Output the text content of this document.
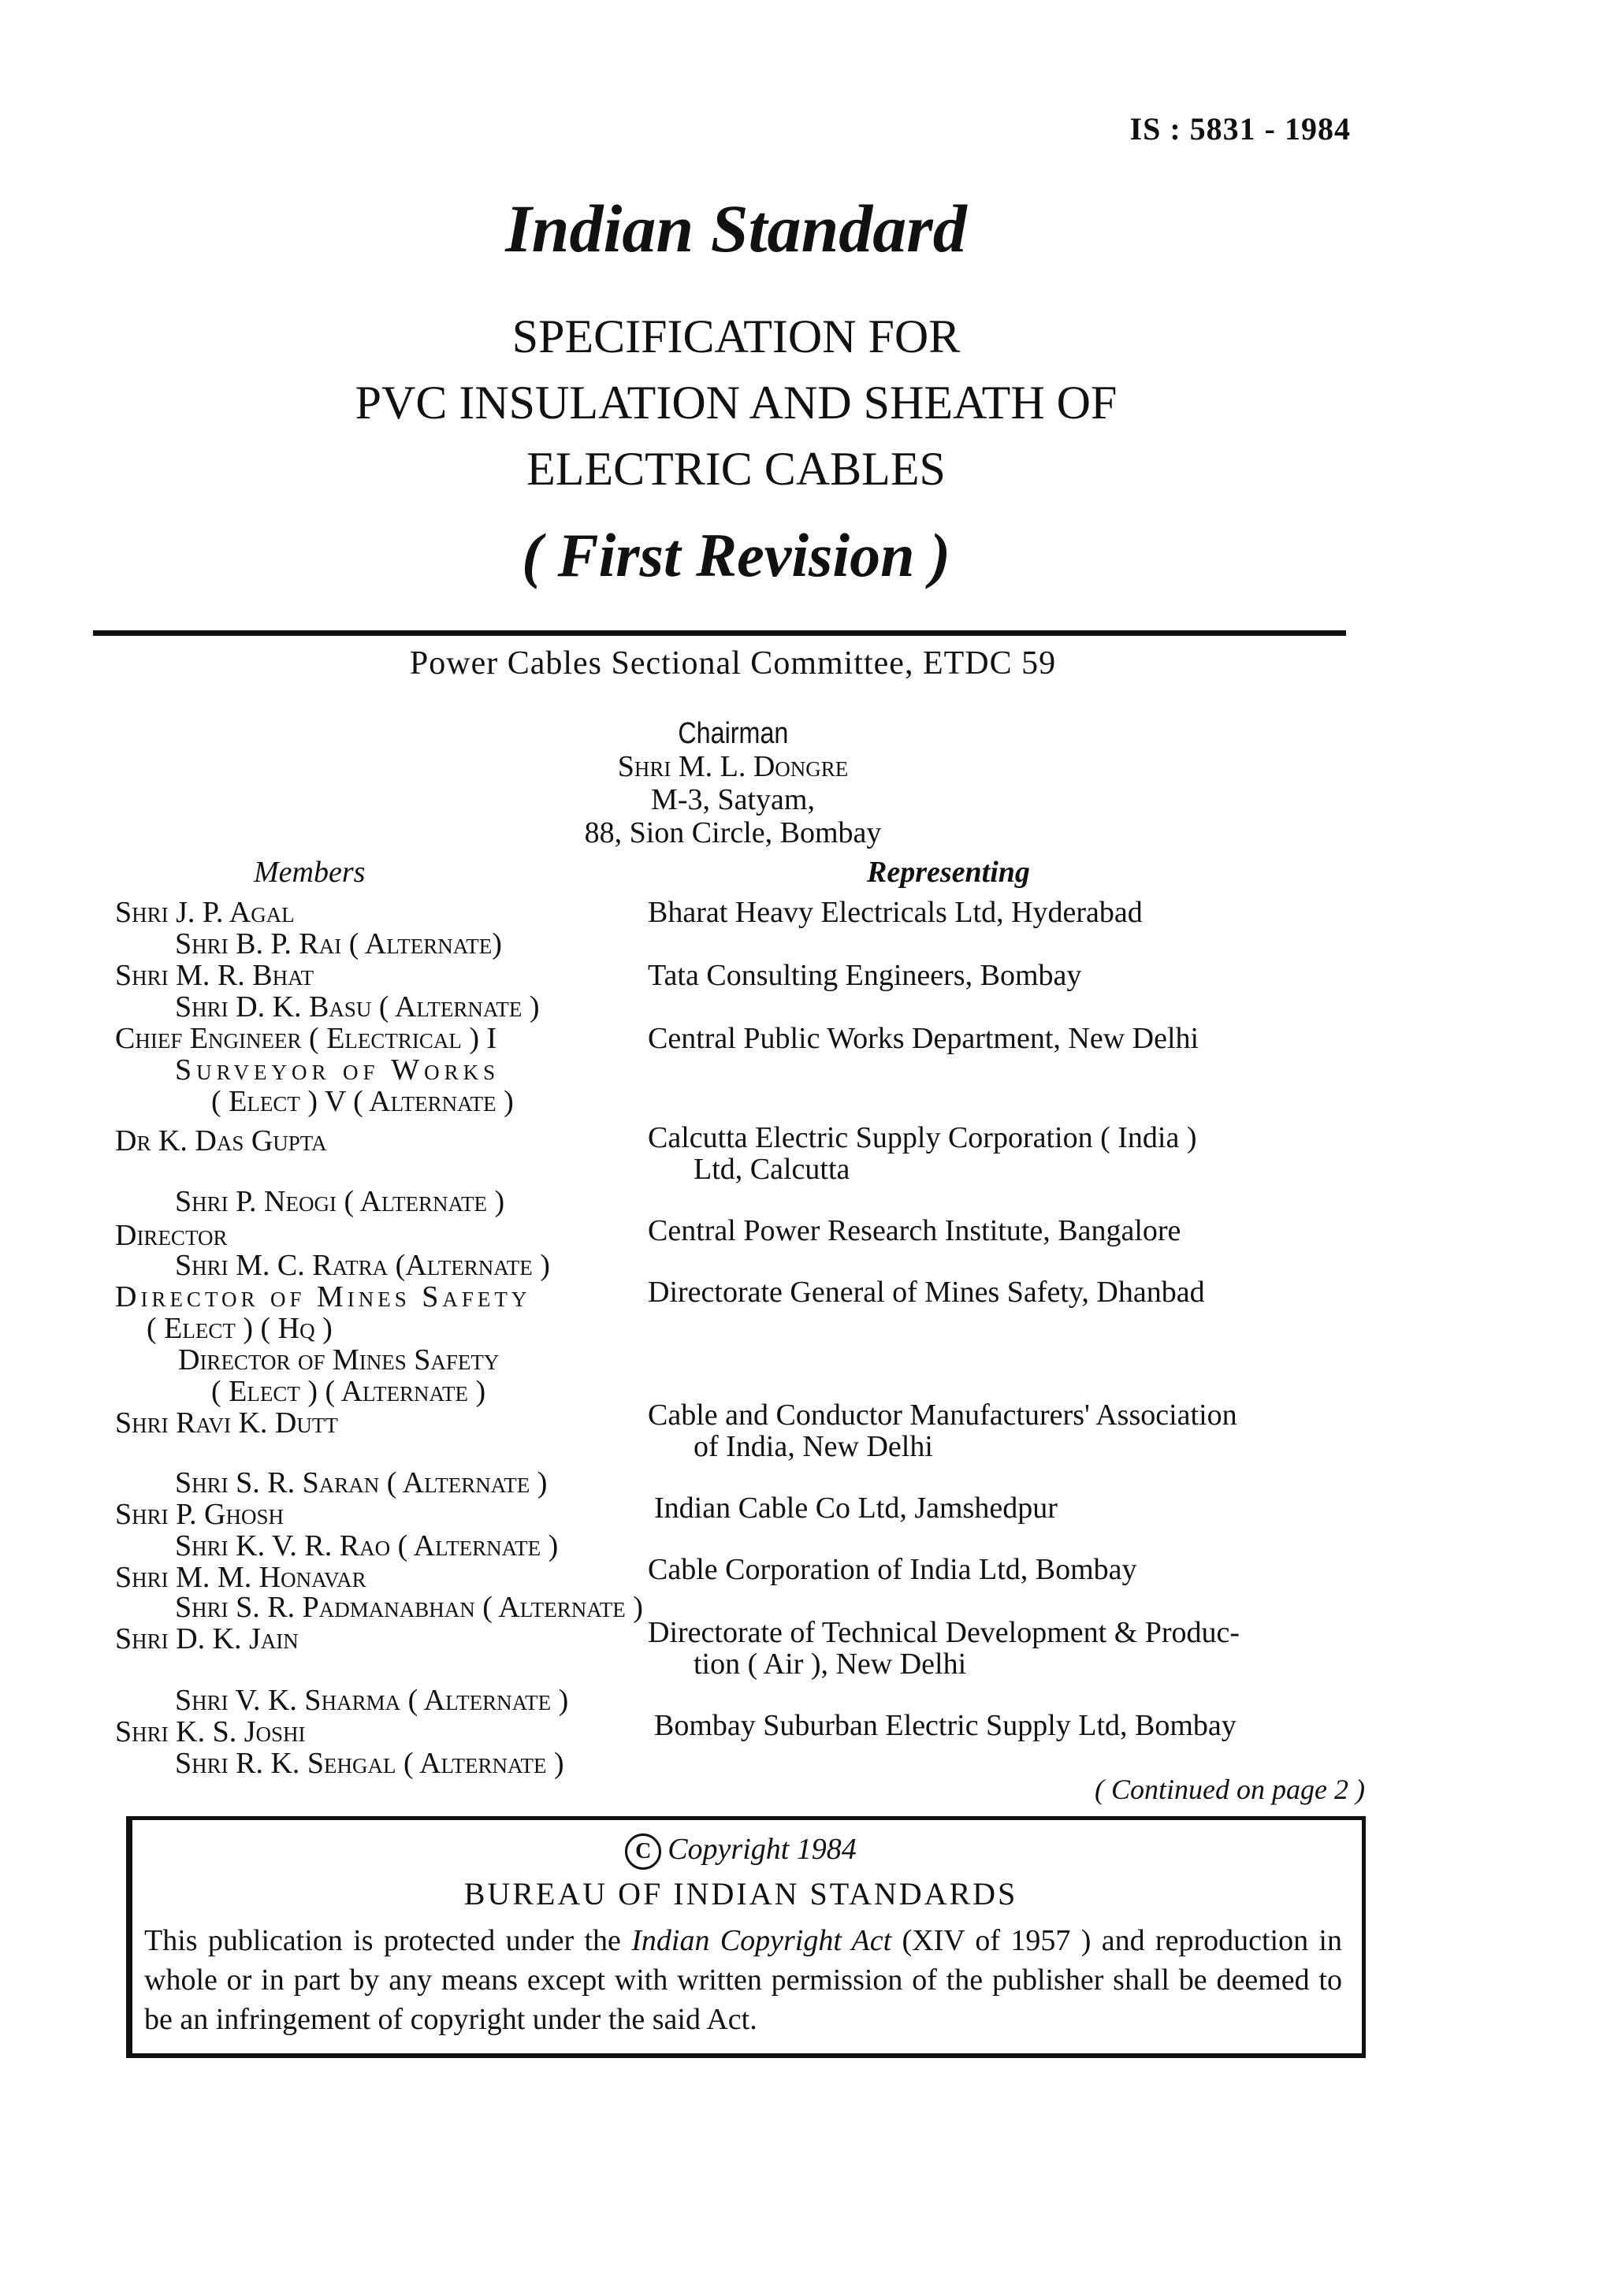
IS : 5831 - 1984
Indian Standard
SPECIFICATION FOR
PVC INSULATION AND SHEATH OF
ELECTRIC CABLES
( First Revision )
Power Cables Sectional Committee, ETDC 59
Chairman
Shri M. L. Dongre
M-3, Satyam,
88, Sion Circle, Bombay
Members	Representing
Shri J. P. Agal
Shri B. P. Rai ( Alternate)
Shri M. R. Bhat
Shri D. K. Basu ( Alternate )
Chief Engineer ( Electrical ) I
Surveyor of Works
( Elect ) V ( Alternate )
Dr K. Das Gupta
Shri P. Neogi ( Alternate )
Director
Shri M. C. Ratra (Alternate )
Director of Mines Safety
( Elect ) ( Hq )
Director of Mines Safety
( Elect ) ( Alternate )
Shri Ravi K. Dutt
Shri S. R. Saran ( Alternate )
Shri P. Ghosh
Shri K. V. R. Rao ( Alternate )
Shri M. M. Honavar
Shri S. R. Padmanabhan ( Alternate )
Shri D. K. Jain
Shri V. K. Sharma ( Alternate )
Shri K. S. Joshi
Shri R. K. Sehgal ( Alternate )
Bharat Heavy Electricals Ltd, Hyderabad
Tata Consulting Engineers, Bombay
Central Public Works Department, New Delhi
Calcutta Electric Supply Corporation ( India )
Ltd, Calcutta
Central Power Research Institute, Bangalore
Directorate General of Mines Safety, Dhanbad
Cable and Conductor Manufacturers' Association
of India, New Delhi
Indian Cable Co Ltd, Jamshedpur
Cable Corporation of India Ltd, Bombay
Directorate of Technical Development & Produc-
tion ( Air ), New Delhi
Bombay Suburban Electric Supply Ltd, Bombay
( Continued on page 2 )
C Copyright 1984
BUREAU OF INDIAN STANDARDS
This publication is protected under the Indian Copyright Act (XIV of 1957 ) and reproduction in whole or in part by any means except with written permission of the publisher shall be deemed to be an infringement of copyright under the said Act.
